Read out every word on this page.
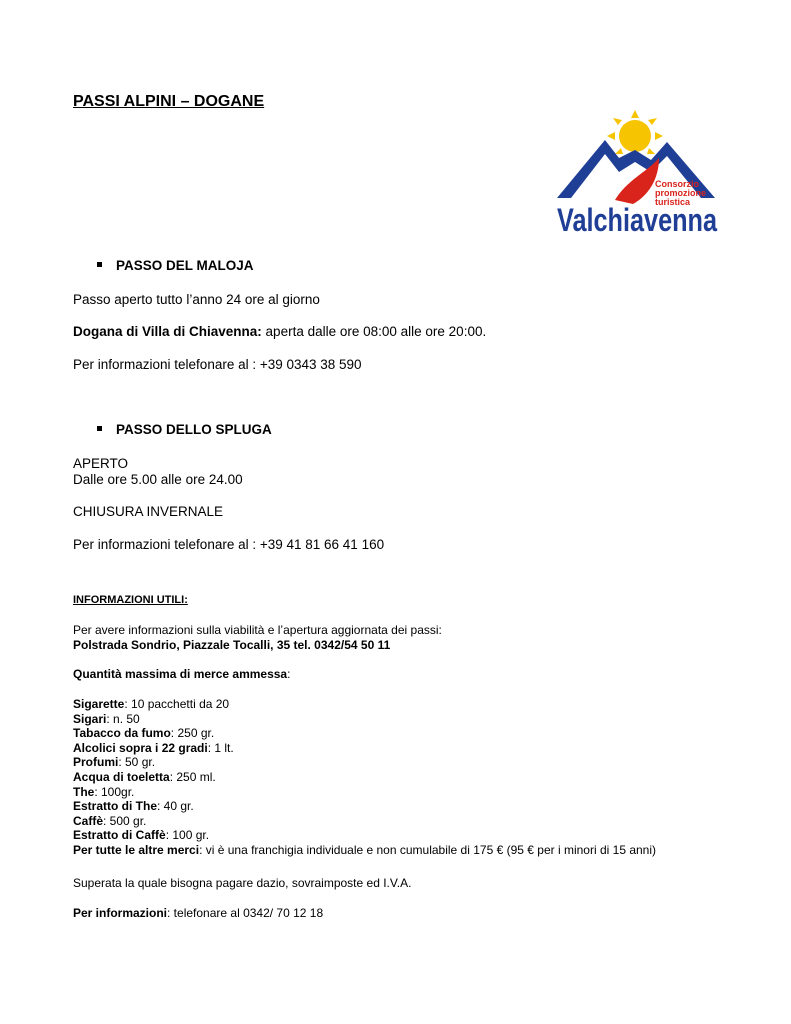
PASSI ALPINI – DOGANE
Consorzio
promozione
turistica
Valchiavenna
PASSO DEL MALOJA
Passo aperto tutto l’anno 24 ore al giorno
Dogana di Villa di Chiavenna: aperta dalle ore 08:00 alle ore 20:00.
Per informazioni telefonare al : +39 0343 38 590
PASSO DELLO SPLUGA
APERTO
Dalle ore 5.00 alle ore 24.00
CHIUSURA INVERNALE
Per informazioni telefonare al : +39 41 81 66 41 160
INFORMAZIONI UTILI:
Per avere informazioni sulla viabilità e l’apertura aggiornata dei passi:
Polstrada Sondrio, Piazzale Tocalli, 35 tel. 0342/54 50 11
Quantità massima di merce ammessa:
Sigarette: 10 pacchetti da 20
Sigari: n. 50
Tabacco da fumo: 250 gr.
Alcolici sopra i 22 gradi: 1 lt.
Profumi: 50 gr.
Acqua di toeletta: 250 ml.
The: 100gr.
Estratto di The: 40 gr.
Caffè: 500 gr.
Estratto di Caffè: 100 gr.
Per tutte le altre merci: vi è una franchigia individuale e non cumulabile di 175 € (95 € per i minori di 15 anni)
Superata la quale bisogna pagare dazio, sovraimposte ed I.V.A.
Per informazioni: telefonare al 0342/ 70 12 18
